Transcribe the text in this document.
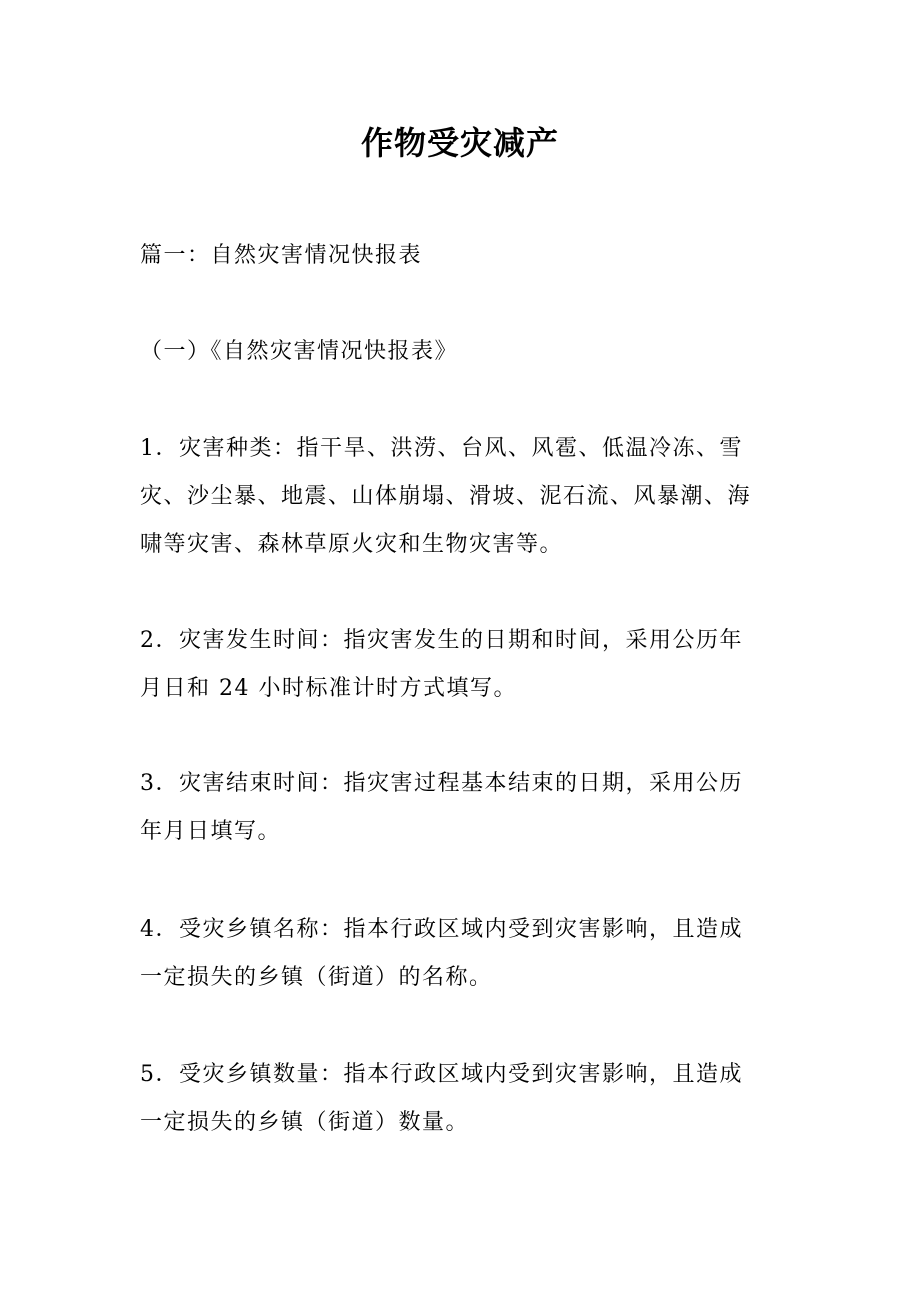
作物受灾减产

篇一：自然灾害情况快报表

（一）《自然灾害情况快报表》

1．灾害种类：指干旱、洪涝、台风、风雹、低温冷冻、雪
灾、沙尘暴、地震、山体崩塌、滑坡、泥石流、风暴潮、海
啸等灾害、森林草原火灾和生物灾害等。

2．灾害发生时间：指灾害发生的日期和时间，采用公历年
月日和 24 小时标准计时方式填写。

3．灾害结束时间：指灾害过程基本结束的日期，采用公历
年月日填写。

4．受灾乡镇名称：指本行政区域内受到灾害影响，且造成
一定损失的乡镇（街道）的名称。

5．受灾乡镇数量：指本行政区域内受到灾害影响，且造成
一定损失的乡镇（街道）数量。
